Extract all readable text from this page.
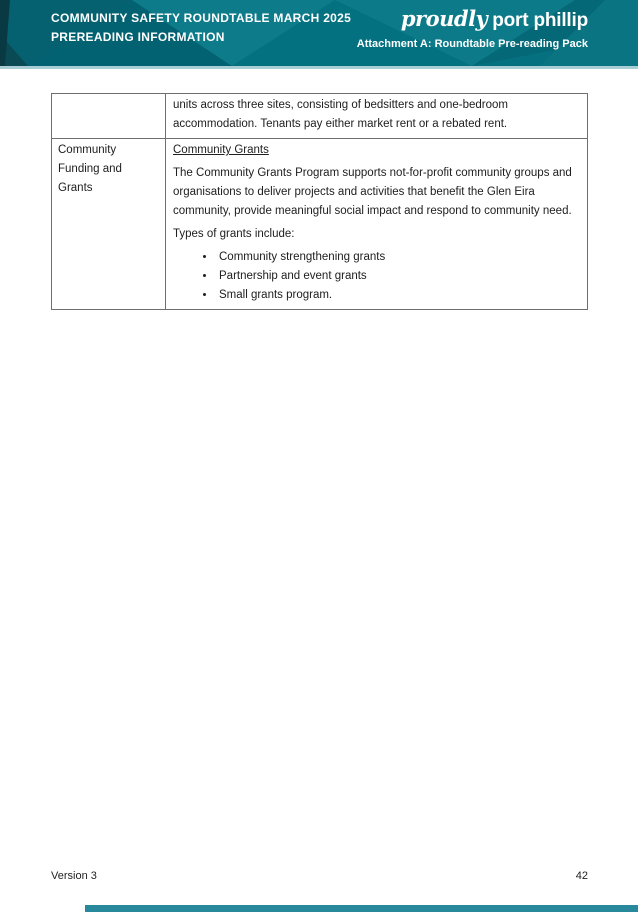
COMMUNITY SAFETY ROUNDTABLE MARCH 2025
PREREADING INFORMATION
proudly port phillip
Attachment A: Roundtable Pre-reading Pack

units across three sites, consisting of bedsitters and one-bedroom accommodation. Tenants pay either market rent or a rebated rent.

Community Funding and Grants

Community Grants

The Community Grants Program supports not-for-profit community groups and organisations to deliver projects and activities that benefit the Glen Eira community, provide meaningful social impact and respond to community need.

Types of grants include:

• Community strengthening grants
• Partnership and event grants
• Small grants program.
Version 3	42
